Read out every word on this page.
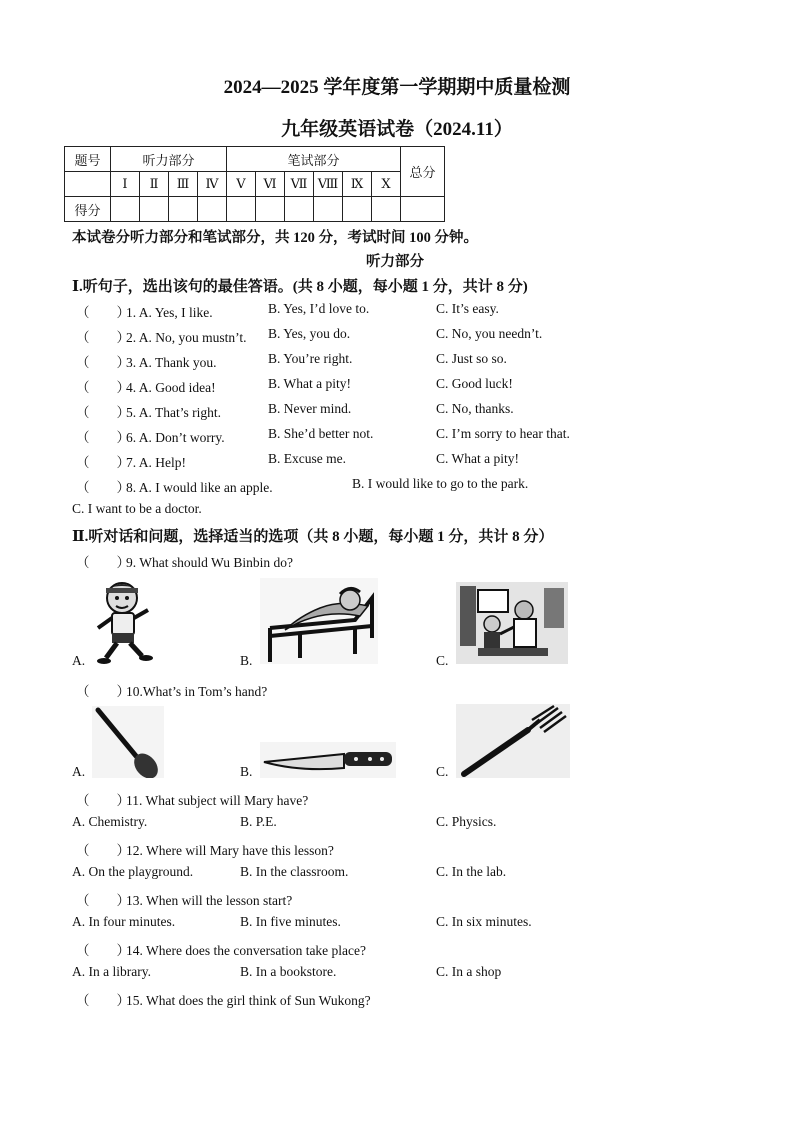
2024—2025 学年度第一学期期中质量检测
九年级英语试卷（2024.11）
题号	听力部分				笔试部分						总分
	Ⅰ	Ⅱ	Ⅲ	Ⅳ	Ⅴ	Ⅵ	Ⅶ	Ⅷ	Ⅸ	Ⅹ	
得分											
本试卷分听力部分和笔试部分，共 120 分，考试时间 100 分钟。
听力部分
Ⅰ.听句子，选出该句的最佳答语。(共 8 小题，每小题 1 分，共计 8 分)
（　　）1. A. Yes, I like.	B. Yes, I’d love to.	C. It’s easy.
（　　）2. A. No, you mustn’t. B. Yes, you do.	C. No, you needn’t.
（　　）3. A. Thank you.	B. You’re right.	C. Just so so.
（　　）4. A. Good idea!	B. What a pity!	C. Good luck!
（　　）5. A. That’s right.	B. Never mind.	C. No, thanks.
（　　）6. A. Don’t worry.	B. She’d better not.	C. I’m sorry to hear that.
（　　）7. A. Help!	B. Excuse me.	C. What a pity!
（　　）8. A. I would like an apple.	B. I would like to go to the park.
C. I want to be a doctor.
Ⅱ.听对话和问题，选择适当的选项（共 8 小题，每小题 1 分，共计 8 分）
（　　）9. What should Wu Binbin do?
A.	B.	C.
（　　）10.What’s in Tom’s hand?
A.	B.	C.
（　　）11. What subject will Mary have?
A. Chemistry.	B. P.E.	C. Physics.
（　　）12. Where will Mary have this lesson?
A. On the playground.	B. In the classroom.	C. In the lab.
（　　）13. When will the lesson start?
A. In four minutes.	B. In five minutes.	C. In six minutes.
（　　）14. Where does the conversation take place?
A. In a library.	B. In a bookstore.	C. In a shop
（　　）15. What does the girl think of Sun Wukong?
